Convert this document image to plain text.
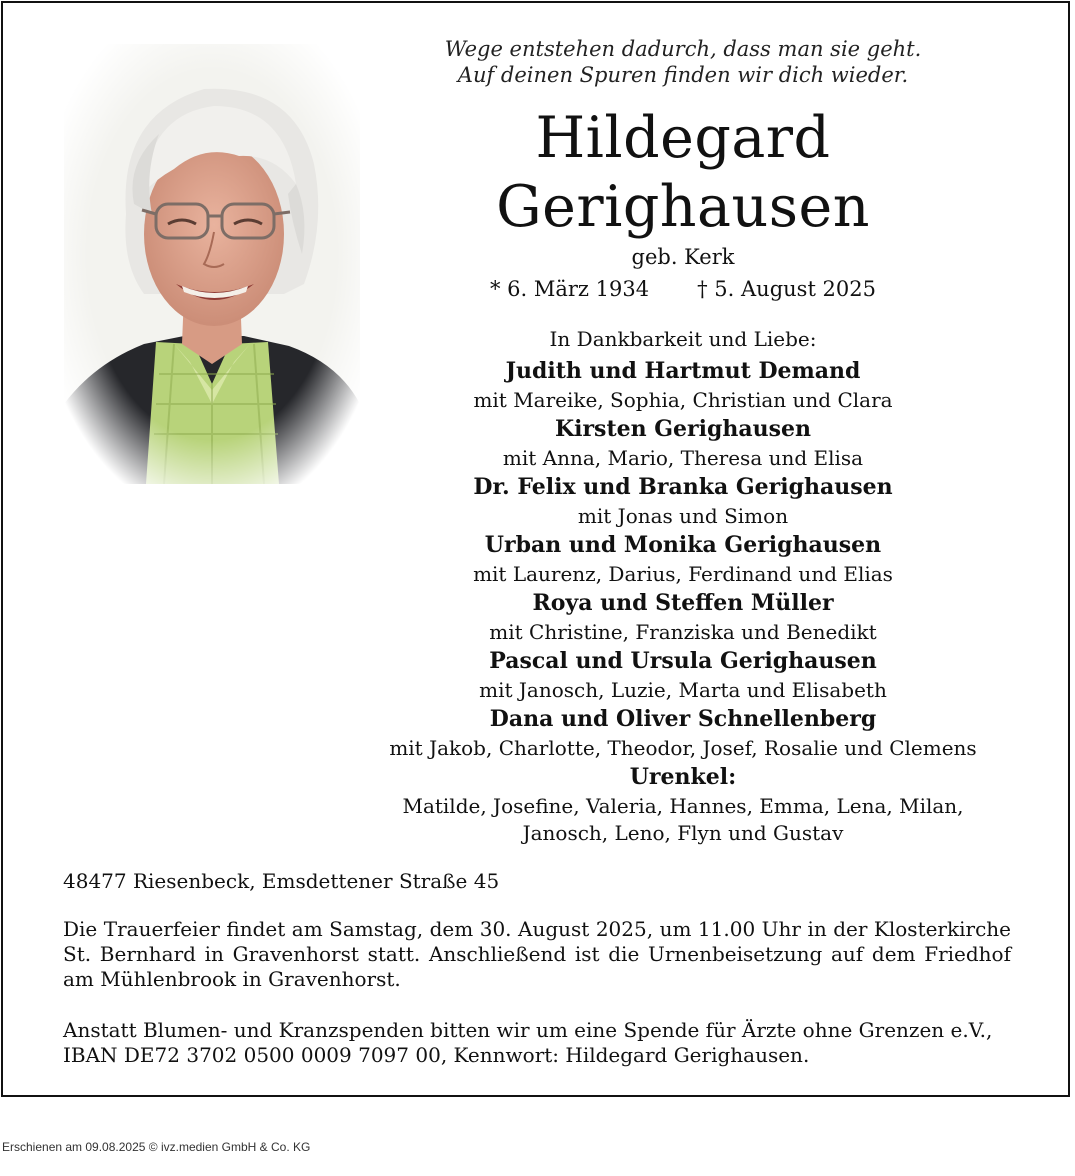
Wege entstehen dadurch, dass man sie geht.
Auf deinen Spuren finden wir dich wieder.
Hildegard
Gerighausen
geb. Kerk
* 6. März 1934 † 5. August 2025
In Dankbarkeit und Liebe:
Judith und Hartmut Demand
mit Mareike, Sophia, Christian und Clara
Kirsten Gerighausen
mit Anna, Mario, Theresa und Elisa
Dr. Felix und Branka Gerighausen
mit Jonas und Simon
Urban und Monika Gerighausen
mit Laurenz, Darius, Ferdinand und Elias
Roya und Steffen Müller
mit Christine, Franziska und Benedikt
Pascal und Ursula Gerighausen
mit Janosch, Luzie, Marta und Elisabeth
Dana und Oliver Schnellenberg
mit Jakob, Charlotte, Theodor, Josef, Rosalie und Clemens
Urenkel:
Matilde, Josefine, Valeria, Hannes, Emma, Lena, Milan,
Janosch, Leno, Flyn und Gustav
48477 Riesenbeck, Emsdettener Straße 45
Die Trauerfeier findet am Samstag, dem 30. August 2025, um 11.00 Uhr in der Klosterkirche St. Bernhard in Gravenhorst statt. Anschließend ist die Urnenbeisetzung auf dem Friedhof am Mühlenbrook in Gravenhorst.
Anstatt Blumen- und Kranzspenden bitten wir um eine Spende für Ärzte ohne Grenzen e.V.,
IBAN DE72 3702 0500 0009 7097 00, Kennwort: Hildegard Gerighausen.
Erschienen am 09.08.2025 © ivz.medien GmbH & Co. KG
